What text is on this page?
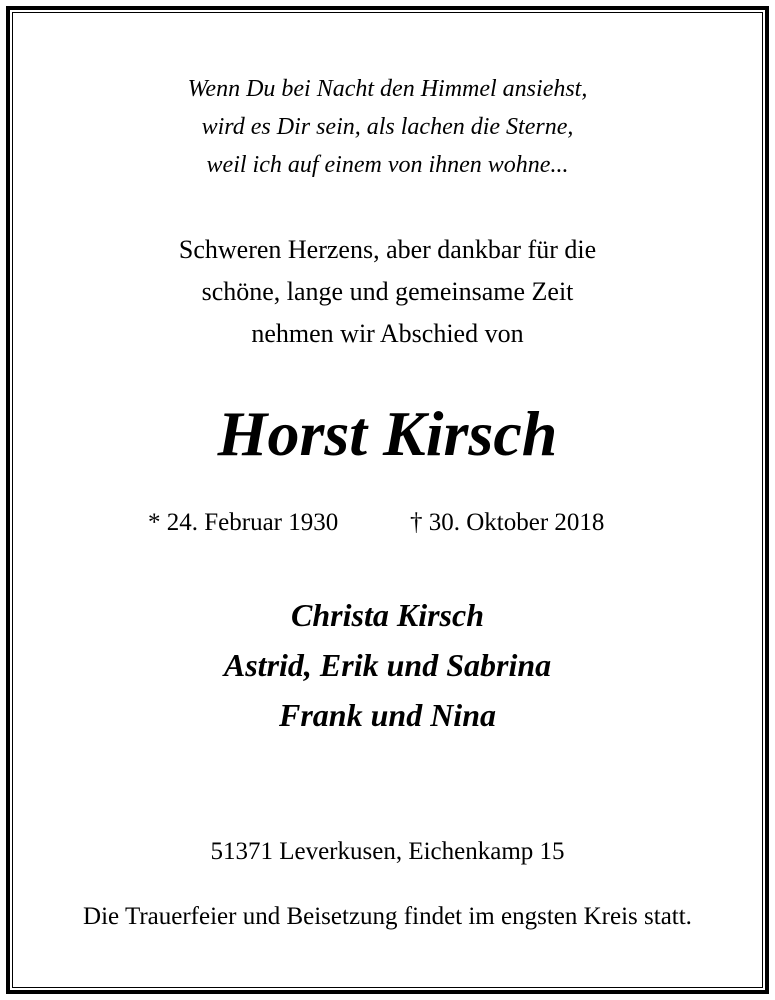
Wenn Du bei Nacht den Himmel ansiehst,
wird es Dir sein, als lachen die Sterne,
weil ich auf einem von ihnen wohne...
Schweren Herzens, aber dankbar für die
schöne, lange und gemeinsame Zeit
nehmen wir Abschied von
Horst Kirsch
* 24. Februar 1930	† 30. Oktober 2018
Christa Kirsch
Astrid, Erik und Sabrina
Frank und Nina
51371 Leverkusen, Eichenkamp 15
Die Trauerfeier und Beisetzung findet im engsten Kreis statt.
